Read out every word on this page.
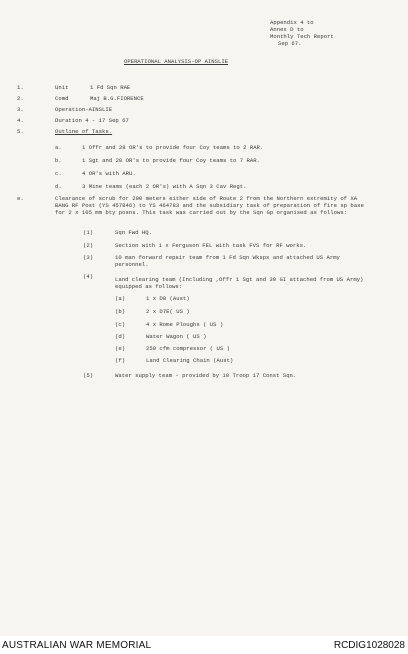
Appendix 4 to
Annex D to
Monthly Tech Report
Sep 67.
OPERATIONAL ANALYSIS-OP AINSLIE
1.	Unit	1 Fd Sqn RAE
2.	Comd	Maj B.G.FIORENCE
3.	Operation-AINSLIE
4.	Duration 4 - 17 Sep 67
5.	Outline of Tasks.
a.	1 Offr and 28 OR's to provide four Coy teams to 2 RAR.
b.	1 Sgt and 28 OR's to provide four Coy teams to 7 RAR.
c.	4 OR's with ARU.
d.	3 Mine teams (each 2 OR's) with A Sqn 3 Cav Regt.
e.	Clearance of scrub for 200 meters either side of Route 2 from the Northern extremity of XA BANG RF Post (YS 457846) to YS 464783 and the subsidiary task of preparation of fire sp base for 2 x 105 mm bty posns. This task was carried out by the Sqn Gp organised as follows:
(1)	Sqn Fwd HQ.
(2)	Section with 1 x Ferguson FEL with task FVS for RF works.
(3)	10 man forward repair team from 1 Fd Sqn Wksps and attached US Army personnel.
(4)	Land clearing team (Including ,Offr 1 Sgt and 30 GI attached from US Army) equipped as follows:
(a)	1 x D8 (Aust)
(b)	2 x D7E( US )
(c)	4 x Rome Ploughs ( US )
(d)	Water Wagon ( US )
(e)	250 cfm compressor ( US )
(f)	Land Clearing Chain (Aust)
(5)	Water supply team - provided by 10 Troop 17 Const Sqn.
AUSTRALIAN WAR MEMORIAL	RCDIG1028028
